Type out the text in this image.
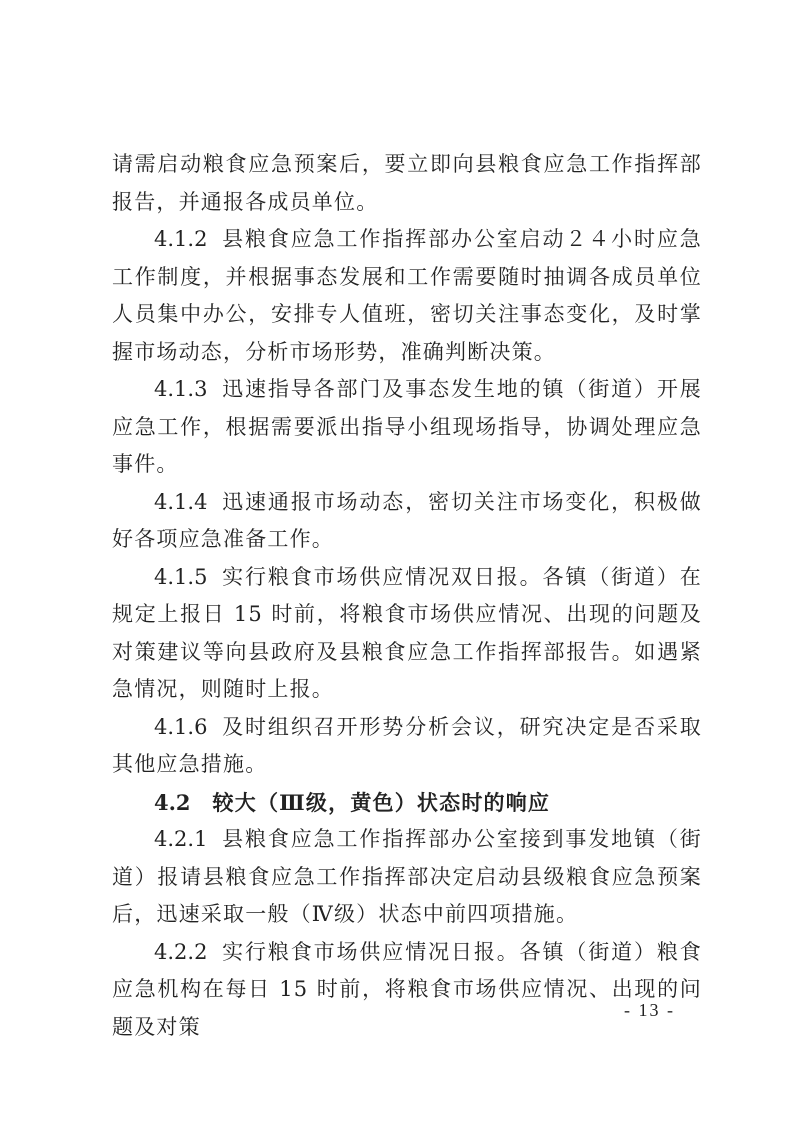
请需启动粮食应急预案后，要立即向县粮食应急工作指挥部报告，并通报各成员单位。

4.1.2 县粮食应急工作指挥部办公室启动２４小时应急工作制度，并根据事态发展和工作需要随时抽调各成员单位人员集中办公，安排专人值班，密切关注事态变化，及时掌握市场动态，分析市场形势，准确判断决策。

4.1.3 迅速指导各部门及事态发生地的镇（街道）开展应急工作，根据需要派出指导小组现场指导，协调处理应急事件。

4.1.4 迅速通报市场动态，密切关注市场变化，积极做好各项应急准备工作。

4.1.5 实行粮食市场供应情况双日报。各镇（街道）在规定上报日 15 时前，将粮食市场供应情况、出现的问题及对策建议等向县政府及县粮食应急工作指挥部报告。如遇紧急情况，则随时上报。

4.1.6 及时组织召开形势分析会议，研究决定是否采取其他应急措施。

4.2 较大（Ⅲ级，黄色）状态时的响应

4.2.1 县粮食应急工作指挥部办公室接到事发地镇（街道）报请县粮食应急工作指挥部决定启动县级粮食应急预案后，迅速采取一般（Ⅳ级）状态中前四项措施。

4.2.2 实行粮食市场供应情况日报。各镇（街道）粮食应急机构在每日 15 时前，将粮食市场供应情况、出现的问题及对策

- 13 -
